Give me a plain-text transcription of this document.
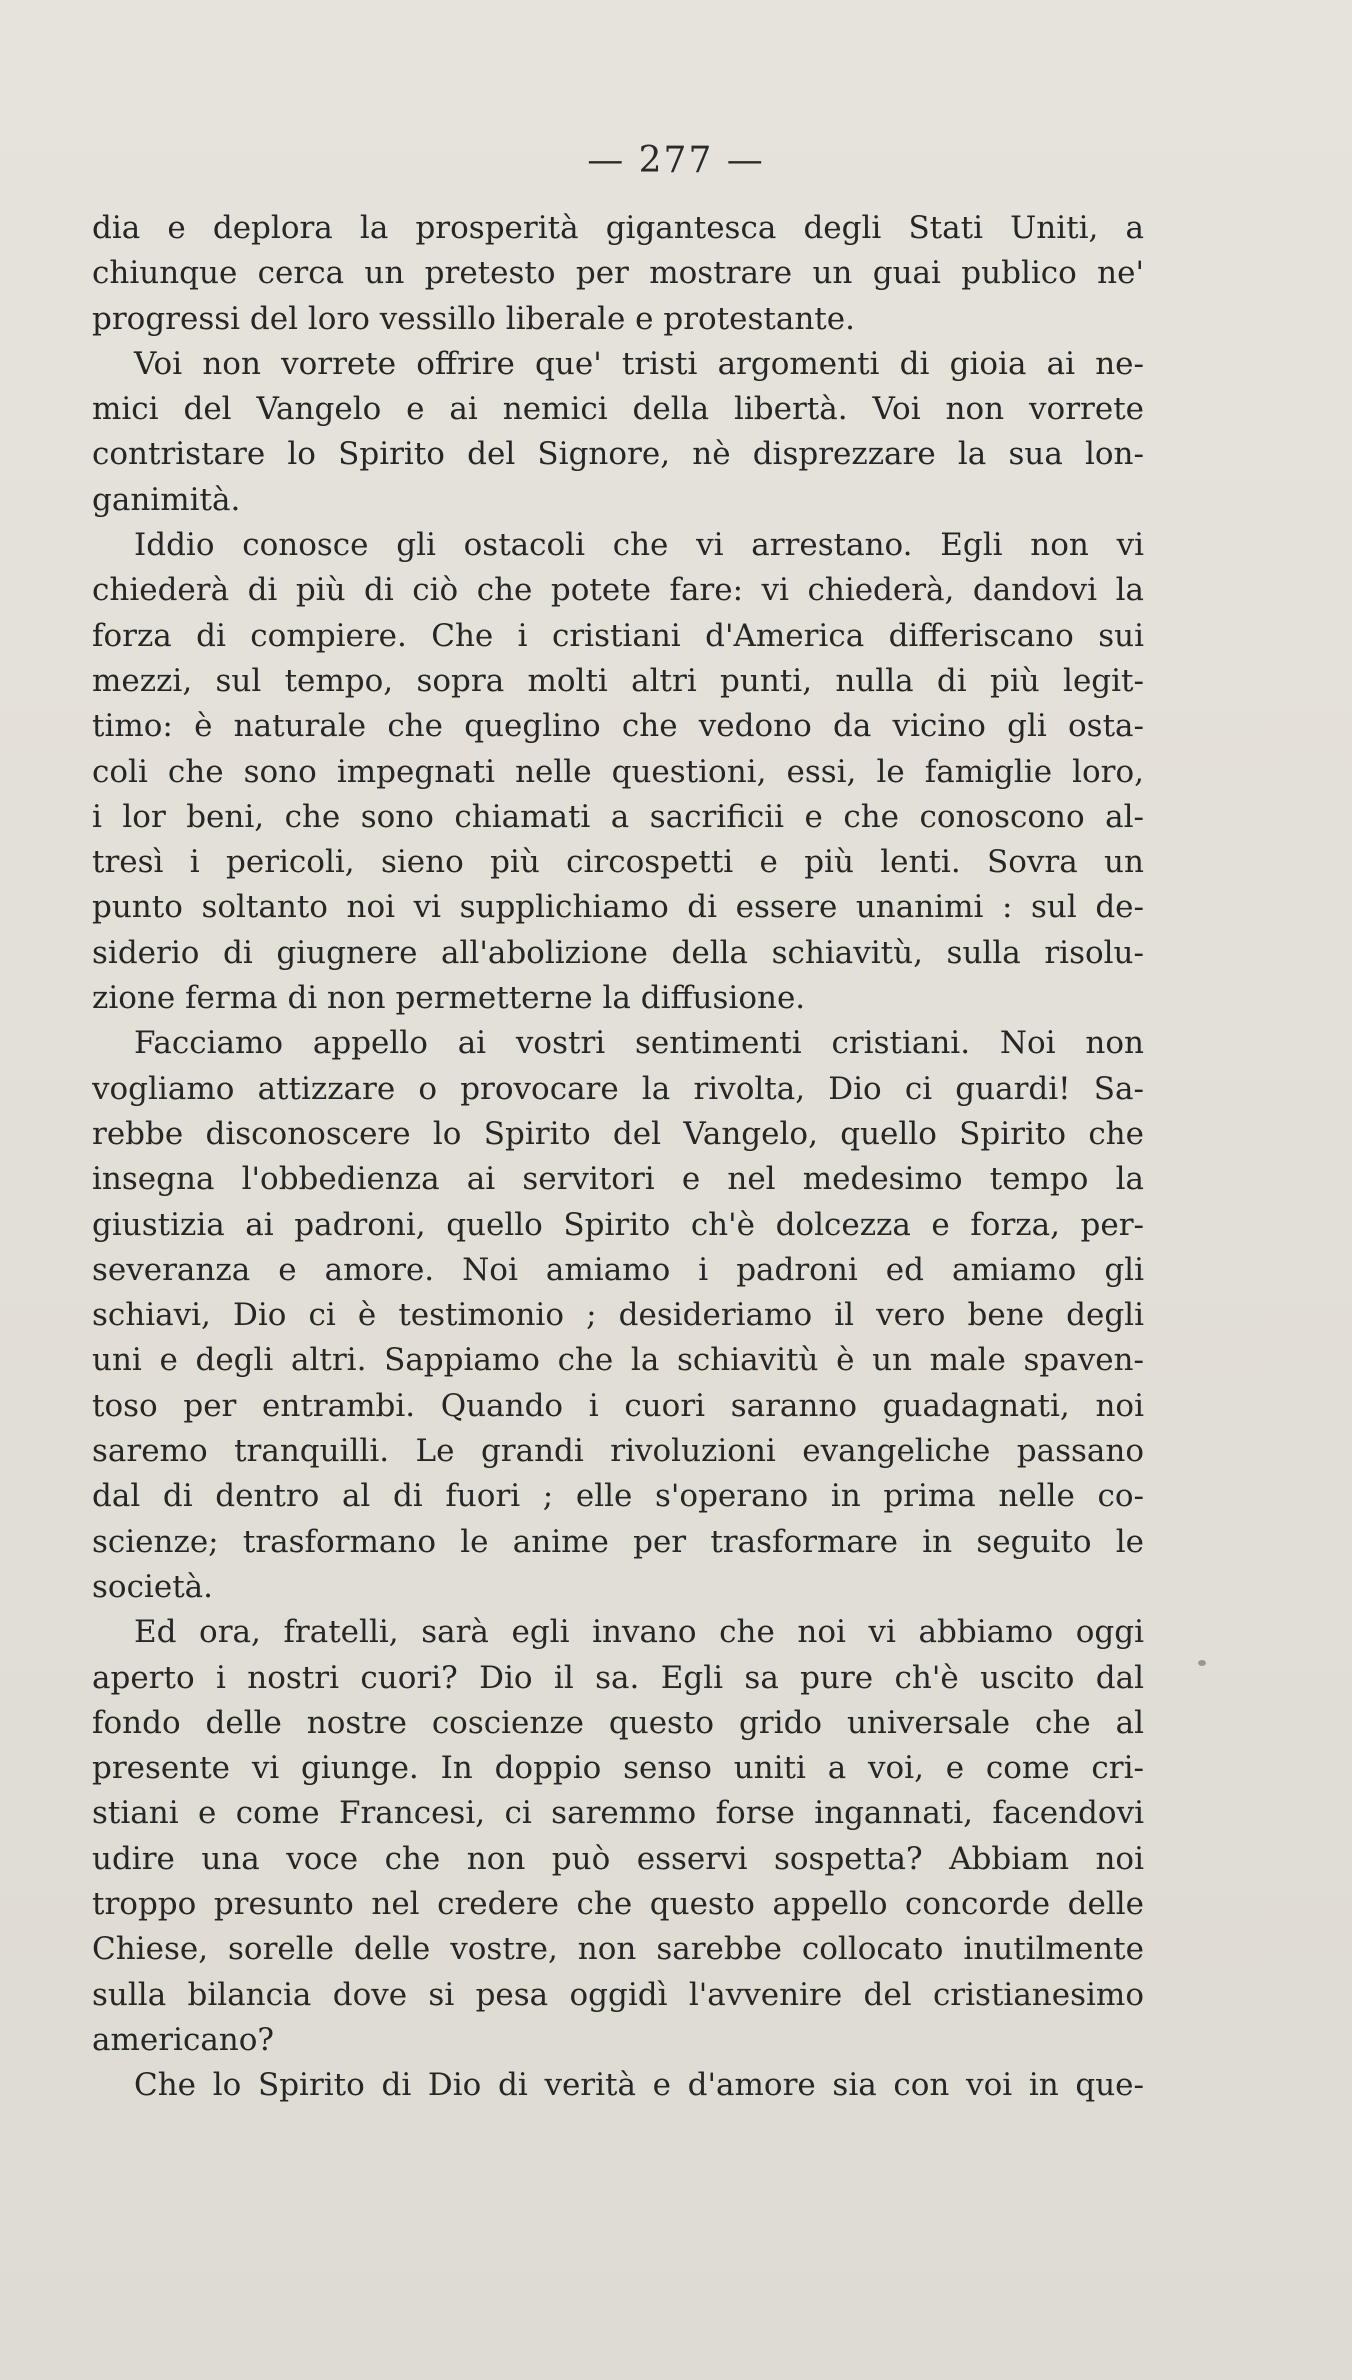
— 277 —
dia e deplora la prosperità gigantesca degli Stati Uniti, a
chiunque cerca un pretesto per mostrare un guai publico ne'
progressi del loro vessillo liberale e protestante.
Voi non vorrete offrire que' tristi argomenti di gioia ai ne-
mici del Vangelo e ai nemici della libertà. Voi non vorrete
contristare lo Spirito del Signore, nè disprezzare la sua lon-
ganimità.
Iddio conosce gli ostacoli che vi arrestano. Egli non vi
chiederà di più di ciò che potete fare: vi chiederà, dandovi la
forza di compiere. Che i cristiani d'America differiscano sui
mezzi, sul tempo, sopra molti altri punti, nulla di più legit-
timo: è naturale che queglino che vedono da vicino gli osta-
coli che sono impegnati nelle questioni, essi, le famiglie loro,
i lor beni, che sono chiamati a sacrificii e che conoscono al-
tresì i pericoli, sieno più circospetti e più lenti. Sovra un
punto soltanto noi vi supplichiamo di essere unanimi : sul de-
siderio di giugnere all'abolizione della schiavitù, sulla risolu-
zione ferma di non permetterne la diffusione.
Facciamo appello ai vostri sentimenti cristiani. Noi non
vogliamo attizzare o provocare la rivolta, Dio ci guardi! Sa-
rebbe disconoscere lo Spirito del Vangelo, quello Spirito che
insegna l'obbedienza ai servitori e nel medesimo tempo la
giustizia ai padroni, quello Spirito ch'è dolcezza e forza, per-
severanza e amore. Noi amiamo i padroni ed amiamo gli
schiavi, Dio ci è testimonio ; desideriamo il vero bene degli
uni e degli altri. Sappiamo che la schiavitù è un male spaven-
toso per entrambi. Quando i cuori saranno guadagnati, noi
saremo tranquilli. Le grandi rivoluzioni evangeliche passano
dal di dentro al di fuori ; elle s'operano in prima nelle co-
scienze; trasformano le anime per trasformare in seguito le
società.
Ed ora, fratelli, sarà egli invano che noi vi abbiamo oggi
aperto i nostri cuori? Dio il sa. Egli sa pure ch'è uscito dal
fondo delle nostre coscienze questo grido universale che al
presente vi giunge. In doppio senso uniti a voi, e come cri-
stiani e come Francesi, ci saremmo forse ingannati, facendovi
udire una voce che non può esservi sospetta? Abbiam noi
troppo presunto nel credere che questo appello concorde delle
Chiese, sorelle delle vostre, non sarebbe collocato inutilmente
sulla bilancia dove si pesa oggidì l'avvenire del cristianesimo
americano?
Che lo Spirito di Dio di verità e d'amore sia con voi in que-
